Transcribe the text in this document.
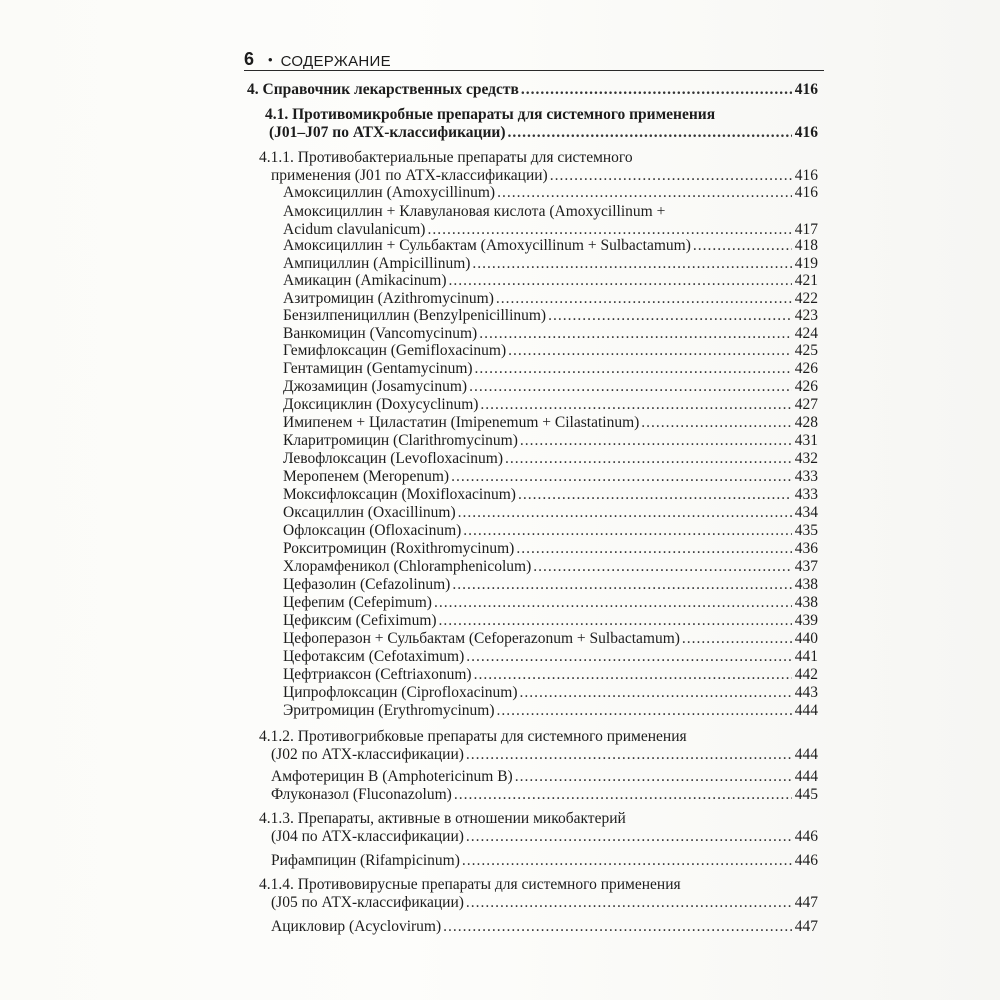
6 • СОДЕРЖАНИЕ
4. Справочник лекарственных средств .....	416
4.1. Противомикробные препараты для системного применения
(J01–J07 по АТХ-классификации) .....	416
4.1.1. Противобактериальные препараты для системного
применения (J01 по АТХ-классификации) .....	416
Амоксициллин (Amoxycillinum) .....	416
Амоксициллин + Клавулановая кислота (Amoxycillinum +
Acidum clavulanicum) .....	417
Амоксициллин + Сульбактам (Amoxycillinum + Sulbactamum) .....	418
Ампициллин (Ampicillinum) .....	419
Амикацин (Amikacinum) .....	421
Азитромицин (Azithromycinum) .....	422
Бензилпенициллин (Benzylpenicillinum) .....	423
Ванкомицин (Vancomycinum) .....	424
Гемифлоксацин (Gemifloxacinum) .....	425
Гентамицин (Gentamycinum) .....	426
Джозамицин (Josamycinum) .....	426
Доксициклин (Doxycyclinum) .....	427
Имипенем + Циластатин (Imipenemum + Cilastatinum) .....	428
Кларитромицин (Clarithromycinum) .....	431
Левофлоксацин (Levofloxacinum) .....	432
Меропенем (Meropenum) .....	433
Моксифлоксацин (Moxifloxacinum) .....	433
Оксациллин (Oxacillinum) .....	434
Офлоксацин (Ofloxacinum) .....	435
Рокситромицин (Roxithromycinum) .....	436
Хлорамфеникол (Chloramphenicolum) .....	437
Цефазолин (Cefazolinum) .....	438
Цефепим (Cefepimum) .....	438
Цефиксим (Cefiximum) .....	439
Цефоперазон + Сульбактам (Cefoperazonum + Sulbactamum) .....	440
Цефотаксим (Cefotaximum) .....	441
Цефтриаксон (Ceftriaxonum) .....	442
Ципрофлоксацин (Ciprofloxacinum) .....	443
Эритромицин (Erythromycinum) .....	444
4.1.2. Противогрибковые препараты для системного применения
(J02 по АТХ-классификации) .....	444
Амфотерицин В (Amphotericinum B) .....	444
Флуконазол (Fluconazolum) .....	445
4.1.3. Препараты, активные в отношении микобактерий
(J04 по АТХ-классификации) .....	446
Рифампицин (Rifampicinum) .....	446
4.1.4. Противовирусные препараты для системного применения
(J05 по АТХ-классификации) .....	447
Ацикловир (Acyclovirum) .....	447
